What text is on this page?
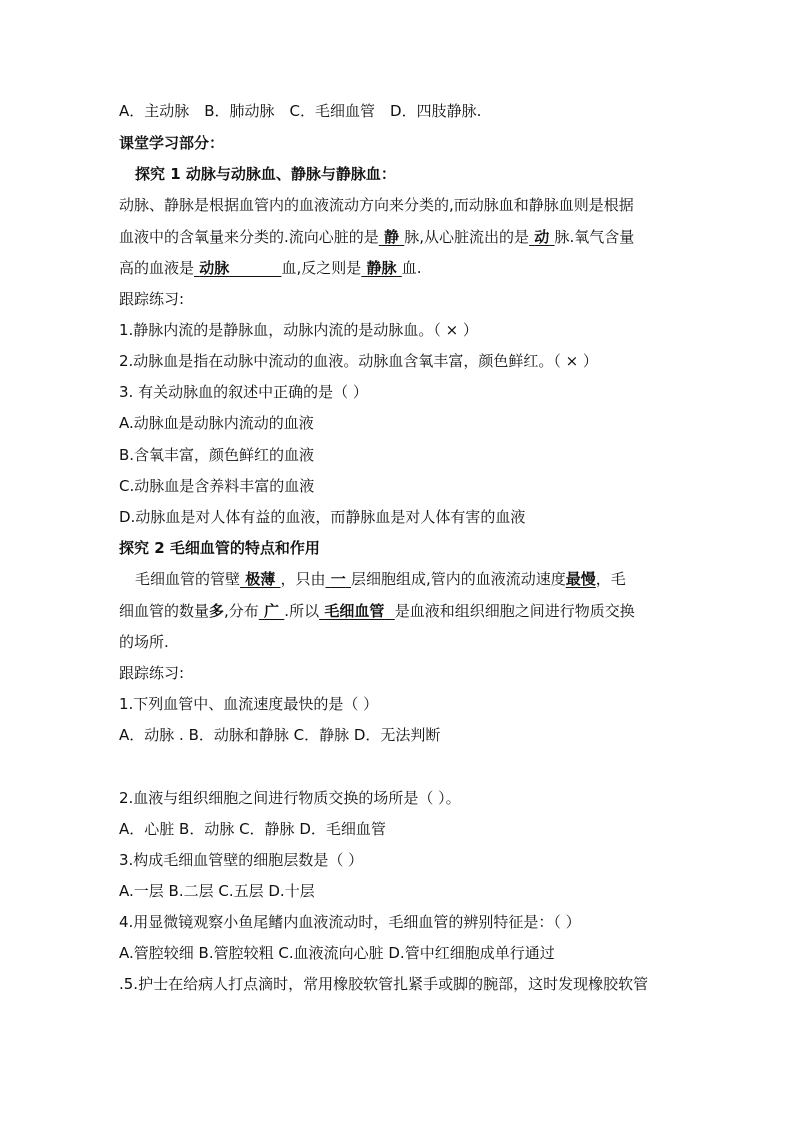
A．主动脉　B．肺动脉　C．毛细血管　D．四肢静脉.
课堂学习部分：
探究 1 动脉与动脉血、静脉与静脉血：
动脉、静脉是根据血管内的血液流动方向来分类的,而动脉血和静脉血则是根据
血液中的含氧量来分类的.流向心脏的是 静 脉,从心脏流出的是 动 脉.氧气含量
高的血液是 动脉	血,反之则是 静脉 血.
跟踪练习:
1.静脉内流的是静脉血，动脉内流的是动脉血。（ × ）
2.动脉血是指在动脉中流动的血液。动脉血含氧丰富，颜色鲜红。（ × ）
3. 有关动脉血的叙述中正确的是（ ）
A.动脉血是动脉内流动的血液
B.含氧丰富，颜色鲜红的血液
C.动脉血是含养料丰富的血液
D.动脉血是对人体有益的血液，而静脉血是对人体有害的血液
探究 2 毛细血管的特点和作用
毛细血管的管壁 极薄 ，只由 一 层细胞组成,管内的血液流动速度最慢，毛
细血管的数量多,分布 广 .所以 毛细血管 是血液和组织细胞之间进行物质交换
的场所.
跟踪练习:
1.下列血管中、血流速度最快的是（ ）
A．动脉 . B．动脉和静脉 C．静脉 D．无法判断
2.血液与组织细胞之间进行物质交换的场所是（ ）。
A．心脏 B．动脉 C．静脉 D．毛细血管
3.构成毛细血管壁的细胞层数是（ ）
A.一层 B.二层 C.五层 D.十层
4.用显微镜观察小鱼尾鳍内血液流动时，毛细血管的辨别特征是：（ ）
A.管腔较细 B.管腔较粗 C.血液流向心脏 D.管中红细胞成单行通过
.5.护士在给病人打点滴时，常用橡胶软管扎紧手或脚的腕部，这时发现橡胶软管
